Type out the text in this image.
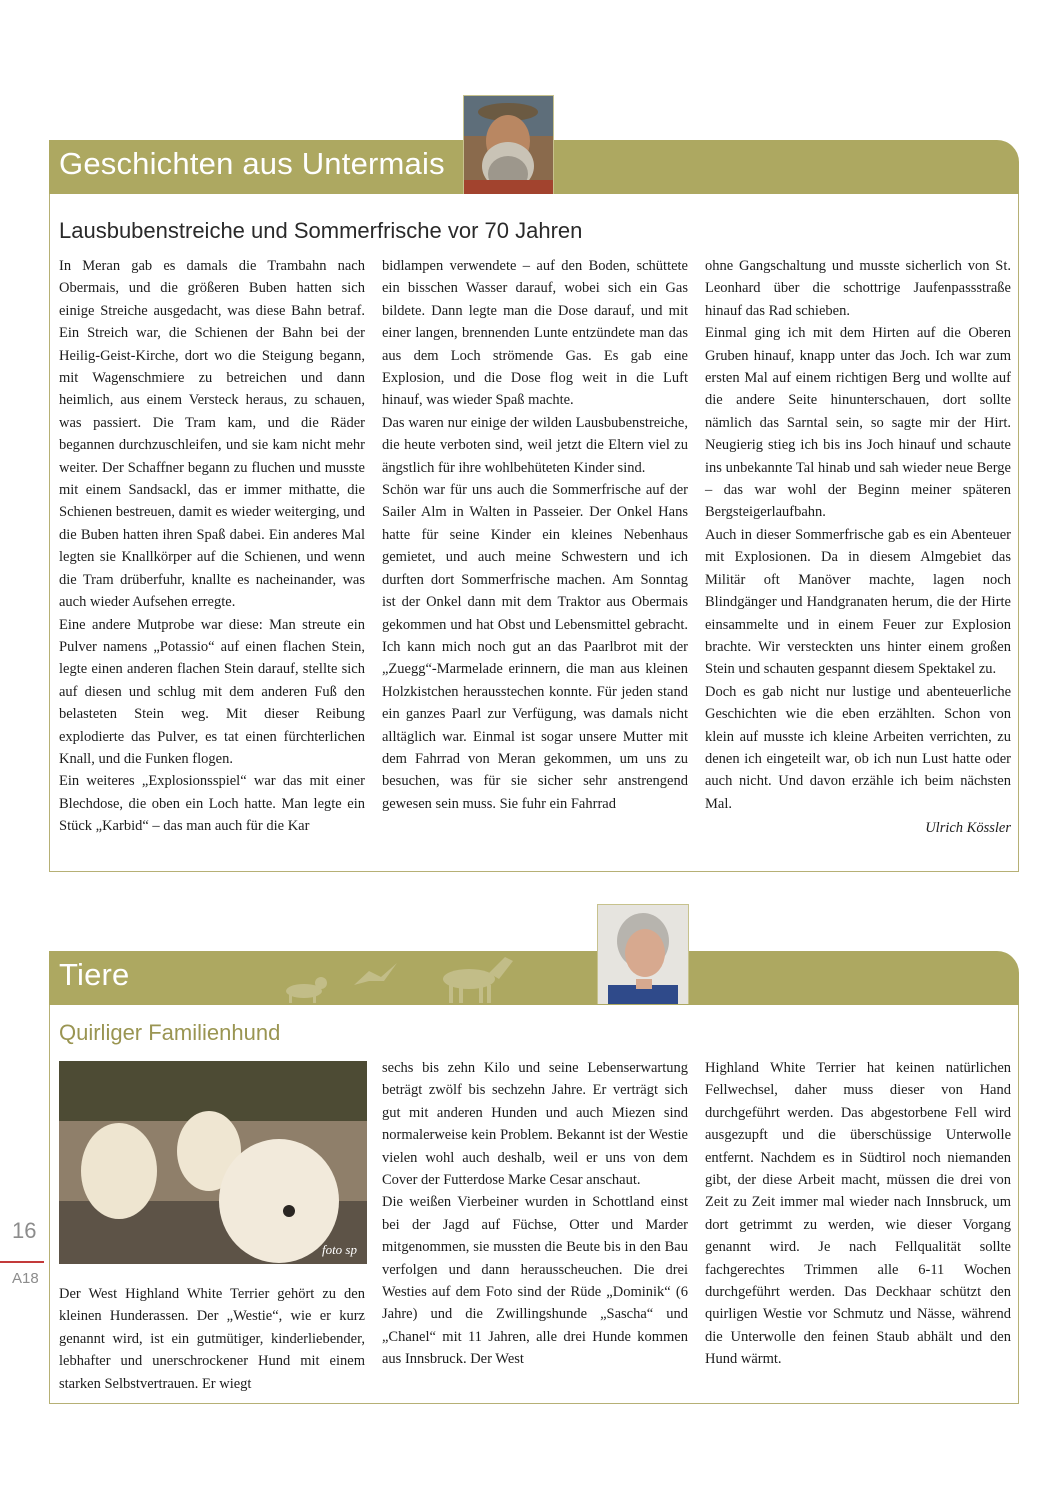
Geschichten aus Untermais
Lausbubenstreiche und Sommerfrische vor 70 Jahren

In Meran gab es damals die Trambahn nach Obermais, und die größeren Buben hatten sich einige Streiche ausgedacht, was diese Bahn betraf. Ein Streich war, die Schienen der Bahn bei der Heilig-Geist-Kirche, dort wo die Steigung begann, mit Wagenschmiere zu betreichen und dann heimlich, aus einem Versteck heraus, zu schauen, was passiert. Die Tram kam, und die Räder begannen durchzuschleifen, und sie kam nicht mehr weiter. Der Schaffner begann zu fluchen und musste mit einem Sandsackl, das er immer mithatte, die Schienen bestreuen, damit es wieder weiterging, und die Buben hatten ihren Spaß dabei. Ein anderes Mal legten sie Knallkörper auf die Schienen, und wenn die Tram drüberfuhr, knallte es nacheinander, was auch wieder Aufsehen erregte.

Eine andere Mutprobe war diese: Man streute ein Pulver namens „Potassio“ auf einen flachen Stein, legte einen anderen flachen Stein darauf, stellte sich auf diesen und schlug mit dem anderen Fuß den belasteten Stein weg. Mit dieser Reibung explodierte das Pulver, es tat einen fürchterlichen Knall, und die Funken flogen.

Ein weiteres „Explosionsspiel“ war das mit einer Blechdose, die oben ein Loch hatte. Man legte ein Stück „Karbid“ – das man auch für die Kar

bidlampen verwendete – auf den Boden, schüttete ein bisschen Wasser darauf, wobei sich ein Gas bildete. Dann legte man die Dose darauf, und mit einer langen, brennenden Lunte entzündete man das aus dem Loch strömende Gas. Es gab eine Explosion, und die Dose flog weit in die Luft hinauf, was wieder Spaß machte.

Das waren nur einige der wilden Lausbubenstreiche, die heute verboten sind, weil jetzt die Eltern viel zu ängstlich für ihre wohlbehüteten Kinder sind.

Schön war für uns auch die Sommerfrische auf der Sailer Alm in Walten in Passeier. Der Onkel Hans hatte für seine Kinder ein kleines Nebenhaus gemietet, und auch meine Schwestern und ich durften dort Sommerfrische machen. Am Sonntag ist der Onkel dann mit dem Traktor aus Obermais gekommen und hat Obst und Lebensmittel gebracht. Ich kann mich noch gut an das Paarlbrot mit der „Zuegg“-Marmelade erinnern, die man aus kleinen Holzkistchen herausstechen konnte. Für jeden stand ein ganzes Paarl zur Verfügung, was damals nicht alltäglich war. Einmal ist sogar unsere Mutter mit dem Fahrrad von Meran gekommen, um uns zu besuchen, was für sie sicher sehr anstrengend gewesen sein muss. Sie fuhr ein Fahrrad

ohne Gangschaltung und musste sicherlich von St. Leonhard über die schottrige Jaufenpassstraße hinauf das Rad schieben.

Einmal ging ich mit dem Hirten auf die Oberen Gruben hinauf, knapp unter das Joch. Ich war zum ersten Mal auf einem richtigen Berg und wollte auf die andere Seite hinunterschauen, dort sollte nämlich das Sarntal sein, so sagte mir der Hirt. Neugierig stieg ich bis ins Joch hinauf und schaute ins unbekannte Tal hinab und sah wieder neue Berge – das war wohl der Beginn meiner späteren Bergsteigerlaufbahn.

Auch in dieser Sommerfrische gab es ein Abenteuer mit Explosionen. Da in diesem Almgebiet das Militär oft Manöver machte, lagen noch Blindgänger und Handgranaten herum, die der Hirte einsammelte und in einem Feuer zur Explosion brachte. Wir versteckten uns hinter einem großen Stein und schauten gespannt diesem Spektakel zu.

Doch es gab nicht nur lustige und abenteuerliche Geschichten wie die eben erzählten. Schon von klein auf musste ich kleine Arbeiten verrichten, zu denen ich eingeteilt war, ob ich nun Lust hatte oder auch nicht. Und davon erzähle ich beim nächsten Mal.

Ulrich Kössler

Tiere
Quirliger Familienhund
foto sp

Der West Highland White Terrier gehört zu den kleinen Hunderassen. Der „Westie“, wie er kurz genannt wird, ist ein gutmütiger, kinderliebender, lebhafter und unerschrockener Hund mit einem starken Selbstvertrauen. Er wiegt

sechs bis zehn Kilo und seine Lebenserwartung beträgt zwölf bis sechzehn Jahre. Er verträgt sich gut mit anderen Hunden und auch Miezen sind normalerweise kein Problem. Bekannt ist der Westie vielen wohl auch deshalb, weil er uns von dem Cover der Futterdose Marke Cesar anschaut.

Die weißen Vierbeiner wurden in Schottland einst bei der Jagd auf Füchse, Otter und Marder mitgenommen, sie mussten die Beute bis in den Bau verfolgen und dann herausscheuchen. Die drei Westies auf dem Foto sind der Rüde „Dominik“ (6 Jahre) und die Zwillingshunde „Sascha“ und „Chanel“ mit 11 Jahren, alle drei Hunde kommen aus Innsbruck. Der West

Highland White Terrier hat keinen natürlichen Fellwechsel, daher muss dieser von Hand durchgeführt werden. Das abgestorbene Fell wird ausgezupft und die überschüssige Unterwolle entfernt. Nachdem es in Südtirol noch niemanden gibt, der diese Arbeit macht, müssen die drei von Zeit zu Zeit immer mal wieder nach Innsbruck, um dort getrimmt zu werden, wie dieser Vorgang genannt wird. Je nach Fellqualität sollte fachgerechtes Trimmen alle 6-11 Wochen durchgeführt werden. Das Deckhaar schützt den quirligen Westie vor Schmutz und Nässe, während die Unterwolle den feinen Staub abhält und den Hund wärmt.

16
A18
